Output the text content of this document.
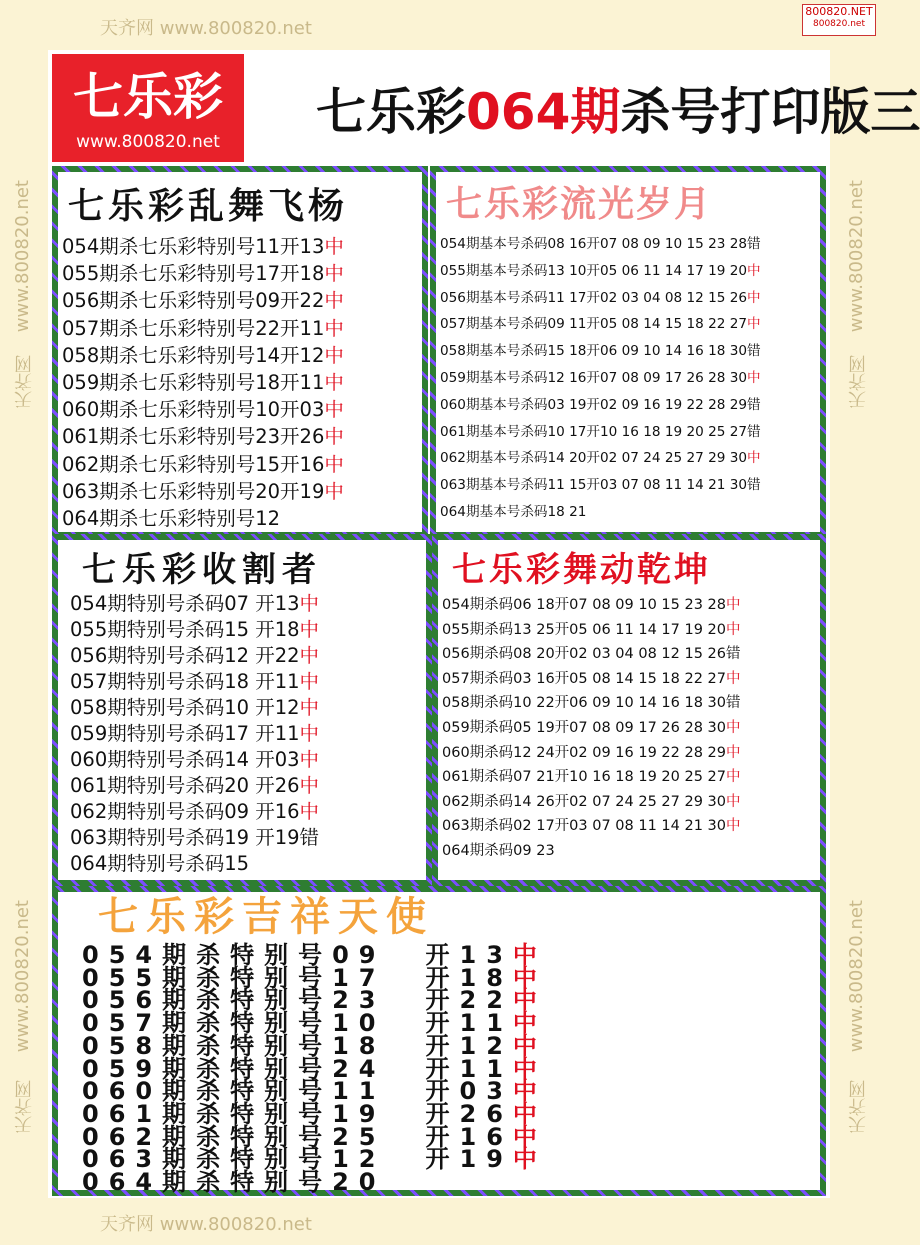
天齐网 www.800820.net
天齐网 www.800820.net
www.800820.net
天齐网
www.800820.net
天齐网
www.800820.net
天齐网
www.800820.net
天齐网
800820.NET
800820.net
七乐彩
www.800820.net
七乐彩064期杀号打印版三
七乐彩乱舞飞杨
054期杀七乐彩特别号11开13中
055期杀七乐彩特别号17开18中
056期杀七乐彩特别号09开22中
057期杀七乐彩特别号22开11中
058期杀七乐彩特别号14开12中
059期杀七乐彩特别号18开11中
060期杀七乐彩特别号10开03中
061期杀七乐彩特别号23开26中
062期杀七乐彩特别号15开16中
063期杀七乐彩特别号20开19中
064期杀七乐彩特别号12
七乐彩流光岁月
054期基本号杀码08 16开07 08 09 10 15 23 28错
055期基本号杀码13 10开05 06 11 14 17 19 20中
056期基本号杀码11 17开02 03 04 08 12 15 26中
057期基本号杀码09 11开05 08 14 15 18 22 27中
058期基本号杀码15 18开06 09 10 14 16 18 30错
059期基本号杀码12 16开07 08 09 17 26 28 30中
060期基本号杀码03 19开02 09 16 19 22 28 29错
061期基本号杀码10 17开10 16 18 19 20 25 27错
062期基本号杀码14 20开02 07 24 25 27 29 30中
063期基本号杀码11 15开03 07 08 11 14 21 30错
064期基本号杀码18 21
七乐彩收割者
054期特别号杀码07 开13中
055期特别号杀码15 开18中
056期特别号杀码12 开22中
057期特别号杀码18 开11中
058期特别号杀码10 开12中
059期特别号杀码17 开11中
060期特别号杀码14 开03中
061期特别号杀码20 开26中
062期特别号杀码09 开16中
063期特别号杀码19 开19错
064期特别号杀码15
七乐彩舞动乾坤
054期杀码06 18开07 08 09 10 15 23 28中
055期杀码13 25开05 06 11 14 17 19 20中
056期杀码08 20开02 03 04 08 12 15 26错
057期杀码03 16开05 08 14 15 18 22 27中
058期杀码10 22开06 09 10 14 16 18 30错
059期杀码05 19开07 08 09 17 26 28 30中
060期杀码12 24开02 09 16 19 22 28 29中
061期杀码07 21开10 16 18 19 20 25 27中
062期杀码14 26开02 07 24 25 27 29 30中
063期杀码02 17开03 07 08 11 14 21 30中
064期杀码09 23
七乐彩吉祥天使
054期杀特别号09 开13中
055期杀特别号17 开18中
056期杀特别号23 开22中
057期杀特别号10 开11中
058期杀特别号18 开12中
059期杀特别号24 开11中
060期杀特别号11 开03中
061期杀特别号19 开26中
062期杀特别号25 开16中
063期杀特别号12 开19中
064期杀特别号20
